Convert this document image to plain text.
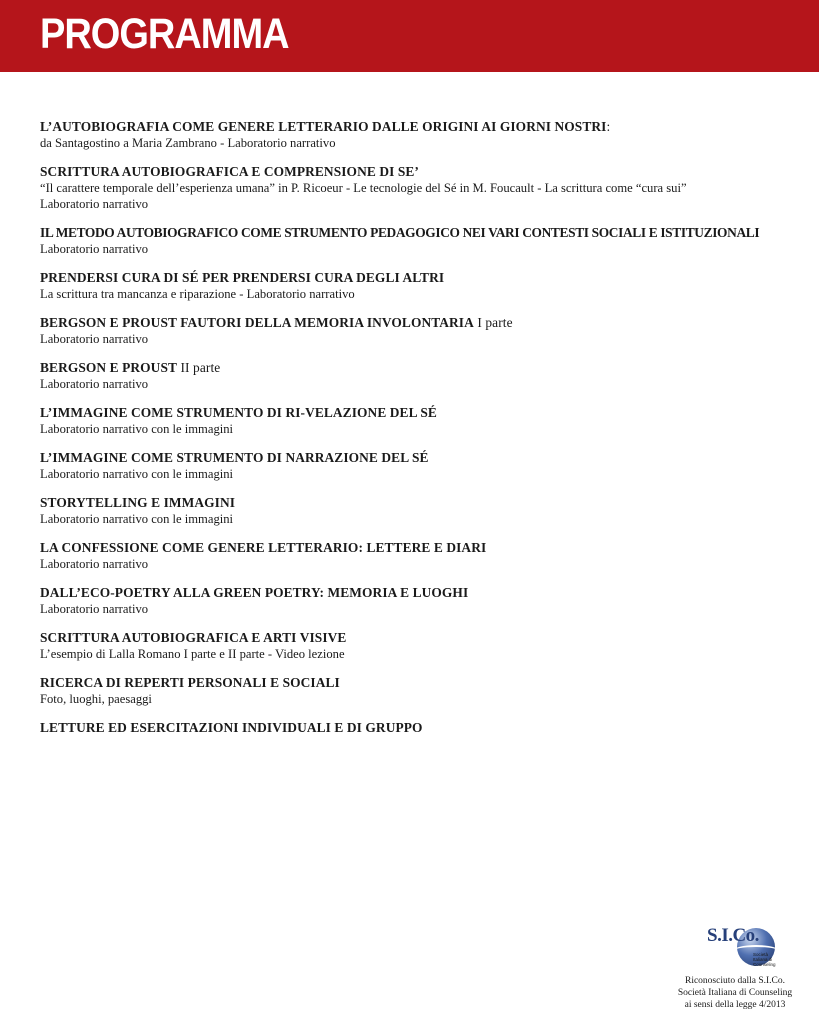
PROGRAMMA
L’AUTOBIOGRAFIA COME GENERE LETTERARIO DALLE ORIGINI AI GIORNI NOSTRI:
da Santagostino a Maria Zambrano - Laboratorio narrativo
SCRITTURA AUTOBIOGRAFICA E COMPRENSIONE DI SE’
“Il carattere temporale dell’esperienza umana” in P. Ricoeur - Le tecnologie del Sé in M. Foucault - La scrittura come “cura sui”
Laboratorio narrativo
IL METODO AUTOBIOGRAFICO COME STRUMENTO PEDAGOGICO NEI VARI CONTESTI SOCIALI E ISTITUZIONALI
Laboratorio narrativo
PRENDERSI CURA DI SÉ PER PRENDERSI CURA DEGLI ALTRI
La scrittura tra mancanza e riparazione - Laboratorio narrativo
BERGSON E PROUST FAUTORI DELLA MEMORIA INVOLONTARIA I parte
Laboratorio narrativo
BERGSON E PROUST II parte
Laboratorio narrativo
L’IMMAGINE COME STRUMENTO DI RI-VELAZIONE DEL SÉ
Laboratorio narrativo con le immagini
L’IMMAGINE COME STRUMENTO DI NARRAZIONE DEL SÉ
Laboratorio narrativo con le immagini
STORYTELLING E IMMAGINI
Laboratorio narrativo con le immagini
LA CONFESSIONE COME GENERE LETTERARIO: LETTERE E DIARI
Laboratorio narrativo
DALL’ECO-POETRY ALLA GREEN POETRY: MEMORIA E LUOGHI
Laboratorio narrativo
SCRITTURA AUTOBIOGRAFICA E ARTI VISIVE
L’esempio di Lalla Romano I parte e II parte - Video lezione
RICERCA DI REPERTI PERSONALI E SOCIALI
Foto, luoghi, paesaggi
LETTURE ED ESERCITAZIONI INDIVIDUALI E DI GRUPPO
S.I.Co.
Società Italiana di Counseling
Riconosciuto dalla S.I.Co.
Società Italiana di Counseling
ai sensi della legge 4/2013
